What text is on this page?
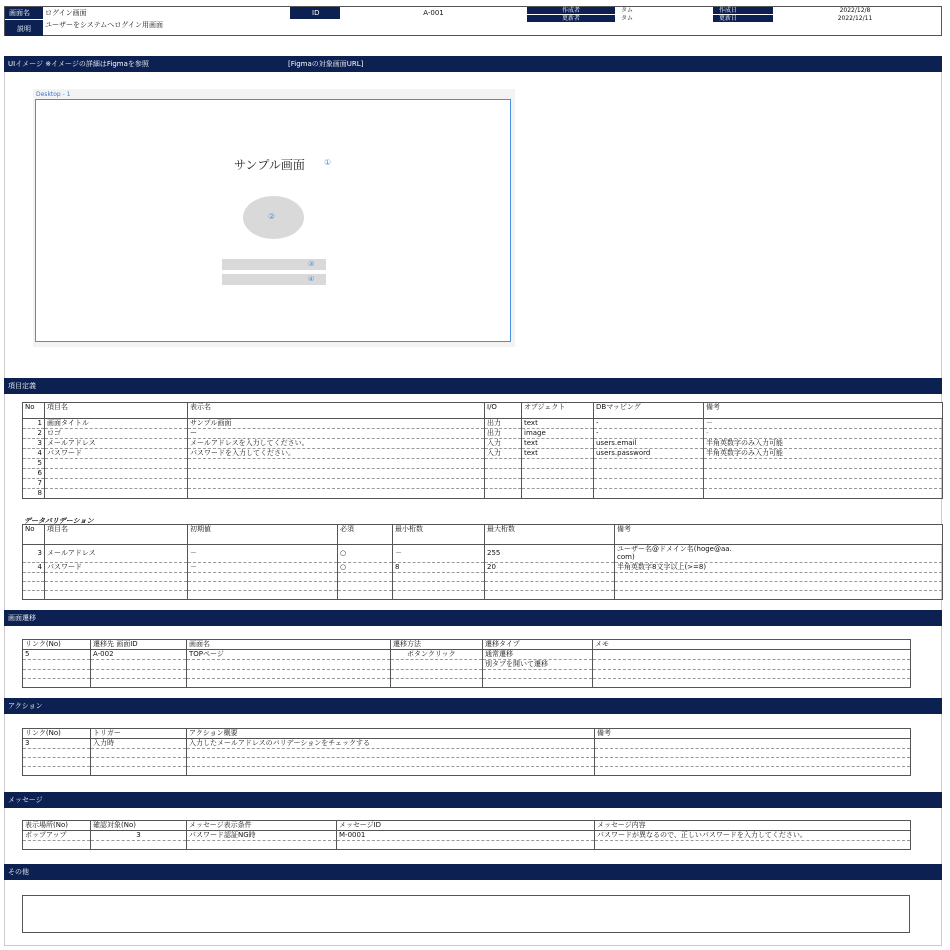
画面名	ログイン画面	ID	A-001	作成者	タム	作成日	2022/12/8
更新者	タム	更新日	2022/12/11
説明	ユーザーをシステムへログイン用画面
UIイメージ ※イメージの詳細はFigmaを参照	[Figmaの対象画面URL]
Desktop - 1
サンプル画面 ①
②
③
④
項目定義
No	項目名	表示名	I/O	オブジェクト	DBマッピング	備考
1	画面タイトル	サンプル画面	出力	text	-	－
2	ロゴ	ー	出力	image	-	-
3	メールアドレス	メールアドレスを入力してください。	入力	text	users.email	半角英数字のみ入力可能
4	パスワード	パスワードを入力してください。	入力	text	users.password	半角英数字のみ入力可能
5						
6						
7						
8						
データバリデーション
No	項目名	初期値	必須	最小桁数	最大桁数	備考
3	メールアドレス	－	○	－	255	ユーザー名@ドメイン名(hoge@aa.
com)
4	パスワード	－	○	8	20	半角英数字8文字以上(>=8)

画面遷移
リンク(No)	遷移先 画面ID	画面名	遷移方法	遷移タイプ	メモ
5	A-002	TOPページ	ボタンクリック	通常遷移	
				別タブを開いて遷移	

アクション
リンク(No)	トリガー	アクション概要	備考
3	入力時	入力したメールアドレスのバリデーションをチェックする	

メッセージ
表示場所(No)	確認対象(No)	メッセージ表示条件	メッセージID	メッセージ内容
ポップアップ	3	パスワード認証NG時	M-0001	パスワードが異なるので、正しいパスワードを入力してください。

その他
